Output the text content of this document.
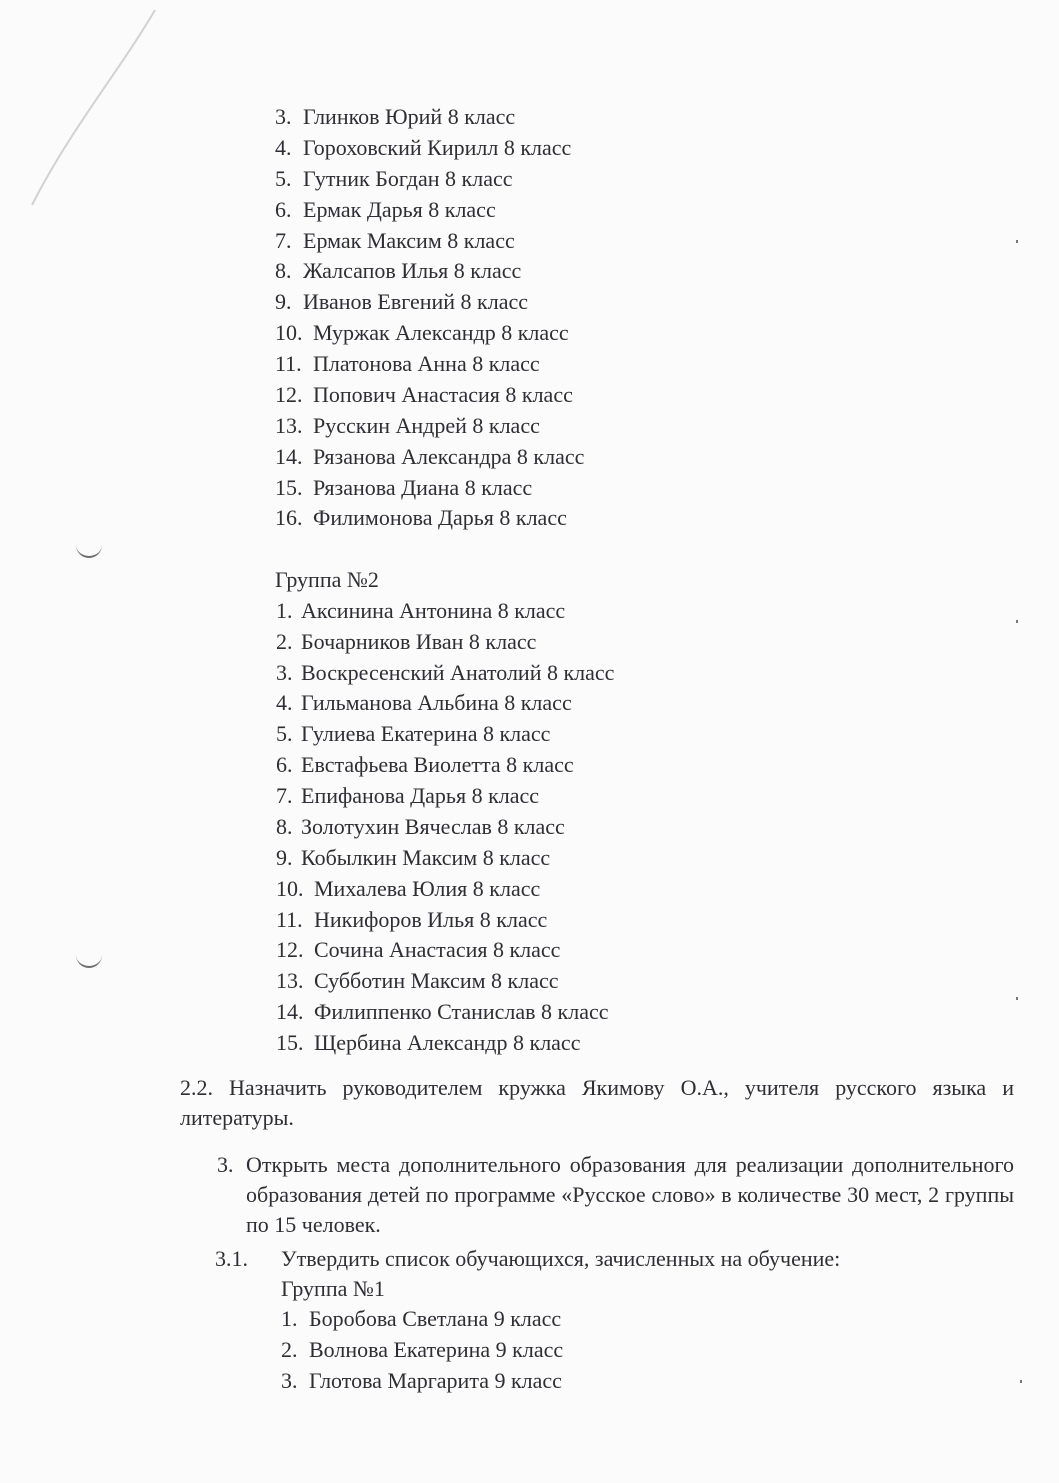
3. Глинков Юрий 8 класс
4. Гороховский Кирилл 8 класс
5. Гутник Богдан 8 класс
6. Ермак Дарья 8 класс
7. Ермак Максим 8 класс
8. Жалсапов Илья 8 класс
9. Иванов Евгений 8 класс
10. Муржак Александр 8 класс
11. Платонова Анна 8 класс
12. Попович Анастасия 8 класс
13. Русскин Андрей 8 класс
14. Рязанова Александра 8 класс
15. Рязанова Диана 8 класс
16. Филимонова Дарья 8 класс
Группа №2
1. Аксинина Антонина 8 класс
2. Бочарников Иван 8 класс
3. Воскресенский Анатолий 8 класс
4. Гильманова Альбина 8 класс
5. Гулиева Екатерина 8 класс
6. Евстафьева Виолетта 8 класс
7. Епифанова Дарья 8 класс
8. Золотухин Вячеслав 8 класс
9. Кобылкин Максим 8 класс
10. Михалева Юлия 8 класс
11. Никифоров Илья 8 класс
12. Сочина Анастасия 8 класс
13. Субботин Максим 8 класс
14. Филиппенко Станислав 8 класс
15. Щербина Александр 8 класс
2.2. Назначить руководителем кружка Якимову О.А., учителя русского языка и литературы.
3. Открыть места дополнительного образования для реализации дополнительного образования детей по программе «Русское слово» в количестве 30 мест, 2 группы по 15 человек.
3.1. Утвердить список обучающихся, зачисленных на обучение:
Группа №1
1. Боробова Светлана 9 класс
2. Волнова Екатерина 9 класс
3. Глотова Маргарита 9 класс
